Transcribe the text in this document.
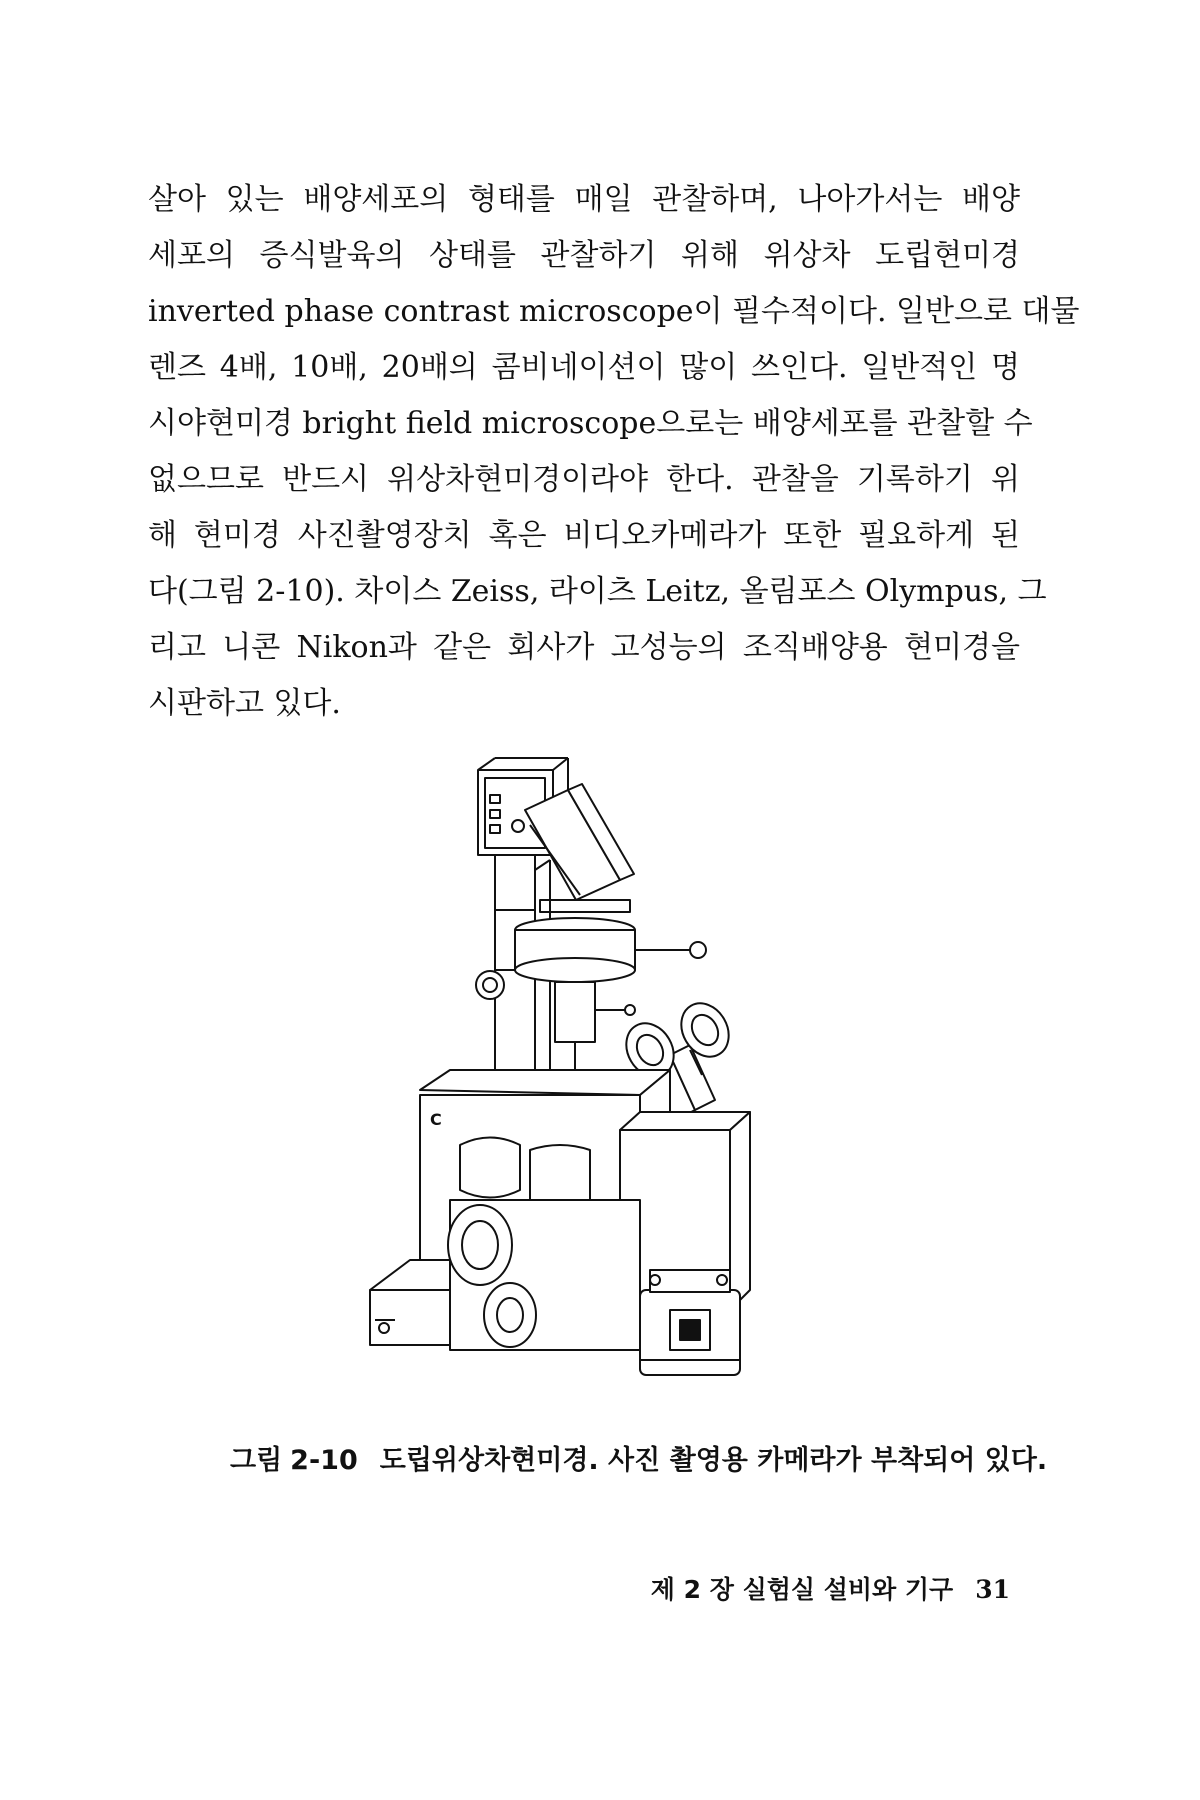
살아 있는 배양세포의 형태를 매일 관찰하며, 나아가서는 배양
세포의 증식발육의 상태를 관찰하기 위해 위상차 도립현미경
inverted phase contrast microscope이 필수적이다. 일반으로 대물
렌즈 4배, 10배, 20배의 콤비네이션이 많이 쓰인다. 일반적인 명
시야현미경 bright field microscope으로는 배양세포를 관찰할 수
없으므로 반드시 위상차현미경이라야 한다. 관찰을 기록하기 위
해 현미경 사진촬영장치 혹은 비디오카메라가 또한 필요하게 된
다(그림 2-10). 차이스 Zeiss, 라이츠 Leitz, 올림포스 Olympus, 그
리고 니콘 Nikon과 같은 회사가 고성능의 조직배양용 현미경을
시판하고 있다.
C
그림 2-10 도립위상차현미경. 사진 촬영용 카메라가 부착되어 있다.
제 2 장 실험실 설비와 기구 31
